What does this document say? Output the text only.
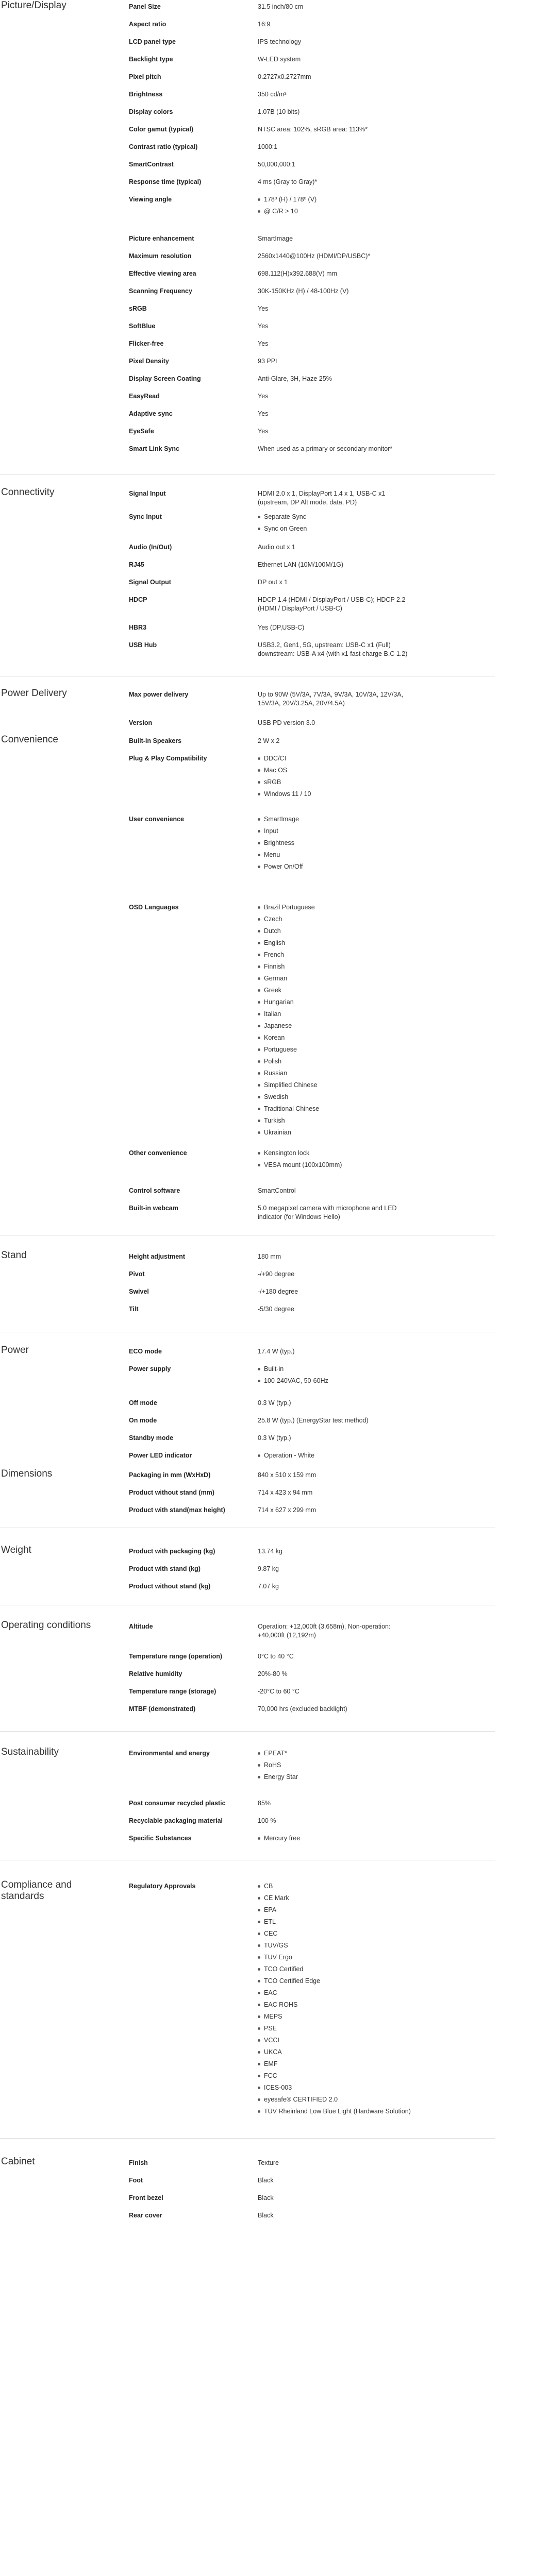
Picture/Display	Panel Size	31.5 inch/80 cm
Aspect ratio	16:9
LCD panel type	IPS technology
Backlight type	W-LED system
Pixel pitch	0.2727x0.2727mm
Brightness	350 cd/m²
Display colors	1.07B (10 bits)
Color gamut (typical)	NTSC area: 102%, sRGB area: 113%*
Contrast ratio (typical)	1000:1
SmartContrast	50,000,000:1
Response time (typical)	4 ms (Gray to Gray)*
Viewing angle	178º (H) / 178º (V)
@ C/R > 10
Picture enhancement	SmartImage
Maximum resolution	2560x1440@100Hz (HDMI/DP/USBC)*
Effective viewing area	698.112(H)x392.688(V) mm
Scanning Frequency	30K-150KHz (H) / 48-100Hz (V)
sRGB	Yes
SoftBlue	Yes
Flicker-free	Yes
Pixel Density	93 PPI
Display Screen Coating	Anti-Glare, 3H, Haze 25%
EasyRead	Yes
Adaptive sync	Yes
EyeSafe	Yes
Smart Link Sync	When used as a primary or secondary monitor*
Connectivity	Signal Input	HDMI 2.0 x 1, DisplayPort 1.4 x 1, USB-C x1 (upstream, DP Alt mode, data, PD)
Sync Input	Separate Sync
Sync on Green
Audio (In/Out)	Audio out x 1
RJ45	Ethernet LAN (10M/100M/1G)
Signal Output	DP out x 1
HDCP	HDCP 1.4 (HDMI / DisplayPort / USB-C); HDCP 2.2 (HDMI / DisplayPort / USB-C)
HBR3	Yes (DP,USB-C)
USB Hub	USB3.2, Gen1, 5G, upstream: USB-C x1 (Full) downstream: USB-A x4 (with x1 fast charge B.C 1.2)
Power Delivery	Max power delivery	Up to 90W (5V/3A, 7V/3A, 9V/3A, 10V/3A, 12V/3A, 15V/3A, 20V/3.25A, 20V/4.5A)
Version	USB PD version 3.0
Convenience	Built-in Speakers	2 W x 2
Plug & Play Compatibility	DDC/CI
Mac OS
sRGB
Windows 11 / 10
User convenience	SmartImage
Input
Brightness
Menu
Power On/Off
OSD Languages	Brazil Portuguese
Czech
Dutch
English
French
Finnish
German
Greek
Hungarian
Italian
Japanese
Korean
Portuguese
Polish
Russian
Simplified Chinese
Swedish
Traditional Chinese
Turkish
Ukrainian
Other convenience	Kensington lock
VESA mount (100x100mm)
Control software	SmartControl
Built-in webcam	5.0 megapixel camera with microphone and LED indicator (for Windows Hello)
Stand	Height adjustment	180 mm
Pivot	-/+90 degree
Swivel	-/+180 degree
Tilt	-5/30 degree
Power	ECO mode	17.4 W (typ.)
Power supply	Built-in
100-240VAC, 50-60Hz
Off mode	0.3 W (typ.)
On mode	25.8 W (typ.) (EnergyStar test method)
Standby mode	0.3 W (typ.)
Power LED indicator	Operation - White
Dimensions	Packaging in mm (WxHxD)	840 x 510 x 159 mm
Product without stand (mm)	714 x 423 x 94 mm
Product with stand(max height)	714 x 627 x 299 mm
Weight	Product with packaging (kg)	13.74 kg
Product with stand (kg)	9.87 kg
Product without stand (kg)	7.07 kg
Operating conditions	Altitude	Operation: +12,000ft (3,658m), Non-operation: +40,000ft (12,192m)
Temperature range (operation)	0°C to 40 °C
Relative humidity	20%-80 %
Temperature range (storage)	-20°C to 60 °C
MTBF (demonstrated)	70,000 hrs (excluded backlight)
Sustainability	Environmental and energy	EPEAT*
RoHS
Energy Star
Post consumer recycled plastic	85%
Recyclable packaging material	100 %
Specific Substances	Mercury free
Compliance and standards
Regulatory Approvals	CB
CE Mark
EPA
ETL
CEC
TUV/GS
TUV Ergo
TCO Certified
TCO Certified Edge
EAC
EAC ROHS
MEPS
PSE
VCCI
UKCA
EMF
FCC
ICES-003
eyesafe® CERTIFIED 2.0
TÜV Rheinland Low Blue Light (Hardware Solution)
Cabinet	Finish	Texture
Foot	Black
Front bezel	Black
Rear cover	Black
